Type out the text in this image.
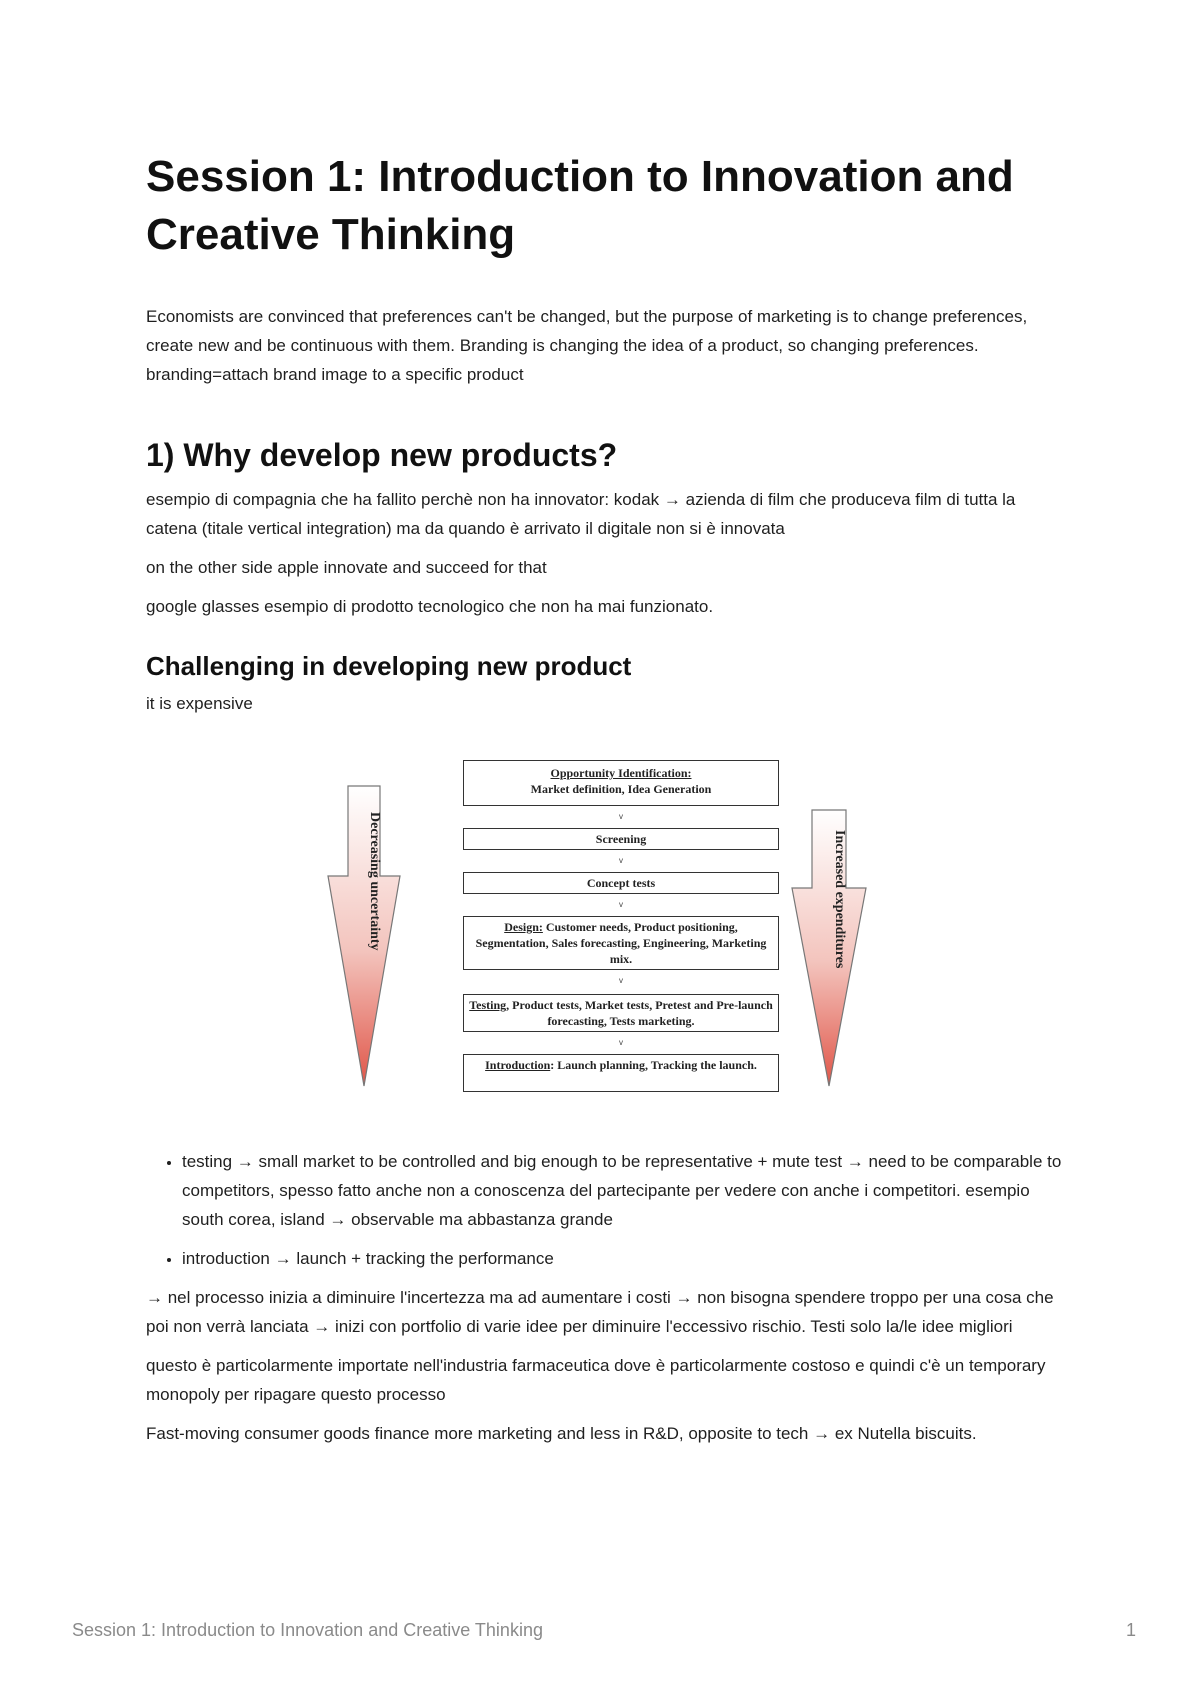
Session 1: Introduction to Innovation and Creative Thinking

Economists are convinced that preferences can't be changed, but the purpose of marketing is to change preferences, create new and be continuous with them. Branding is changing the idea of a product, so changing preferences. branding=attach brand image to a specific product

1) Why develop new products?

esempio di compagnia che ha fallito perchè non ha innovator: kodak → azienda di film che produceva film di tutta la catena (titale vertical integration) ma da quando è arrivato il digitale non si è innovata

on the other side apple innovate and succeed for that

google glasses esempio di prodotto tecnologico che non ha mai funzionato.

Challenging in developing new product

it is expensive

Decreasing uncertainty	Increased expenditures
Opportunity Identification:
Market definition, Idea Generation
v
Screening
v
Concept tests
v
Design: Customer needs, Product positioning, Segmentation, Sales forecasting, Engineering, Marketing mix.
v
Testing, Product tests, Market tests, Pretest and Pre-launch forecasting, Tests marketing.
v
Introduction: Launch planning, Tracking the launch.
• testing → small market to be controlled and big enough to be representative + mute test → need to be comparable to competitors, spesso fatto anche non a conoscenza del partecipante per vedere con anche i competitori. esempio south corea, island → observable ma abbastanza grande
• introduction → launch + tracking the performance

→ nel processo inizia a diminuire l'incertezza ma ad aumentare i costi → non bisogna spendere troppo per una cosa che poi non verrà lanciata → inizi con portfolio di varie idee per diminuire l'eccessivo rischio. Testi solo la/le idee migliori

questo è particolarmente importate nell'industria farmaceutica dove è particolarmente costoso e quindi c'è un temporary monopoly per ripagare questo processo

Fast-moving consumer goods finance more marketing and less in R&D, opposite to tech → ex Nutella biscuits.

Session 1: Introduction to Innovation and Creative Thinking	1
